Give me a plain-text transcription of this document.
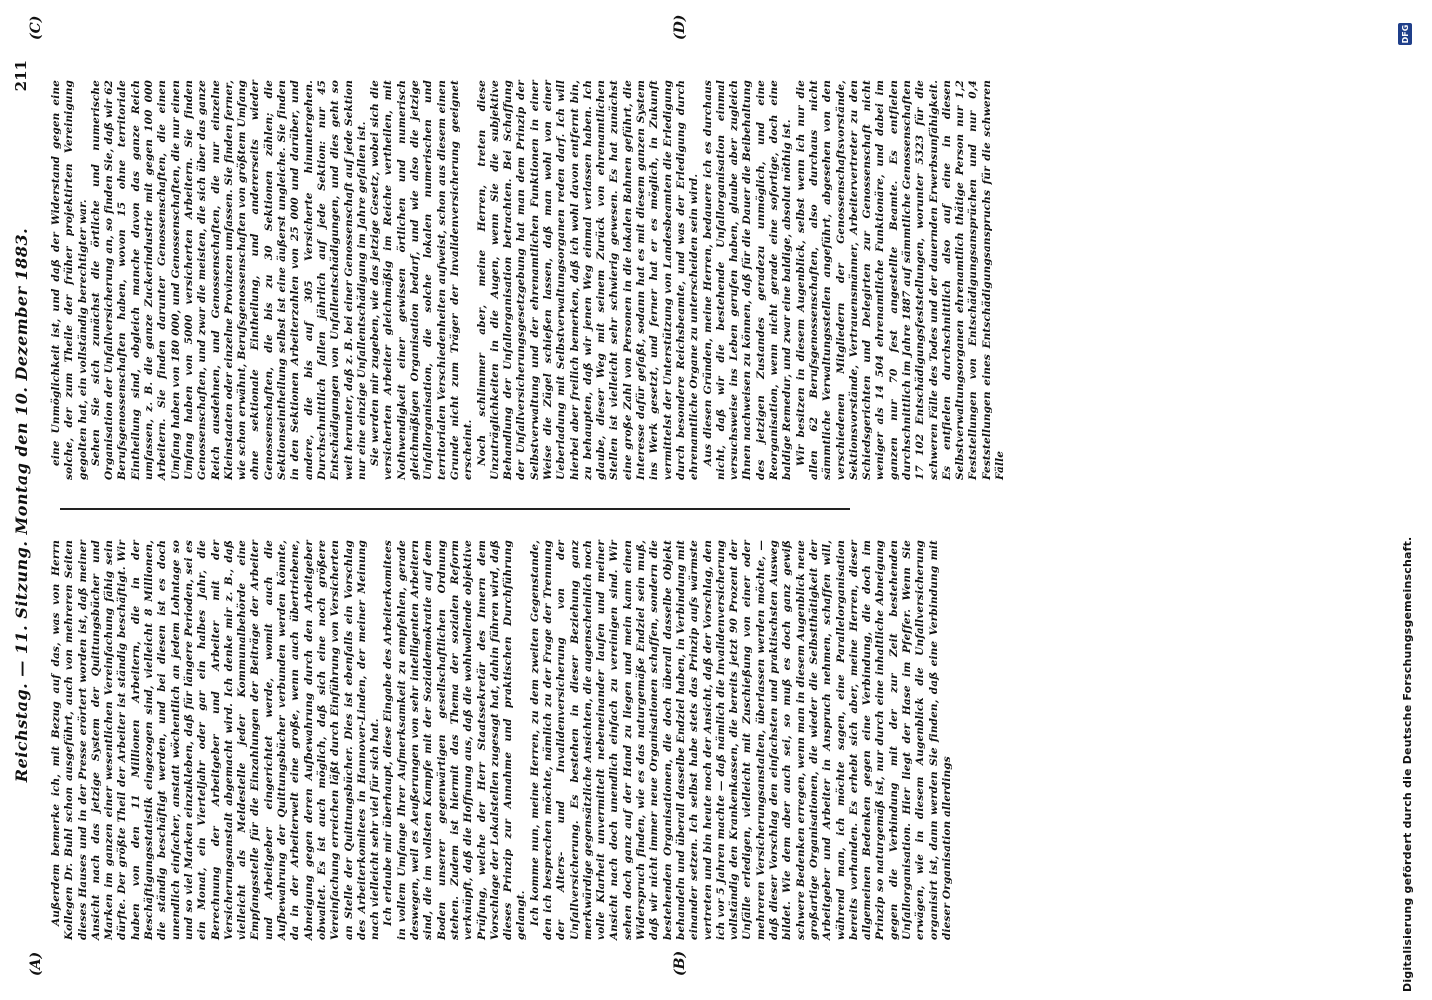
Reichstag. — 11. Sitzung. Montag den 10. Dezember 1883.
211
(A)	(B)
(C)	(D)

Außerdem bemerke ich, mit Bezug auf das, was von Herrn Kollegen Dr. Buhl schon ausgeführt, auch von mehreren Seiten dieses Hauses und in der Presse erörtert worden ist, daß meiner Ansicht nach das jetzige System der Quittungsbücher und Marken im ganzen einer wesentlichen Vereinfachung fähig sein dürfte. Der größte Theil der Arbeiter ist ständig beschäftigt. Wir haben von den 11 Millionen Arbeitern, die in der Beschäftigungsstatistik eingezogen sind, vielleicht 8 Millionen, die ständig beschäftigt werden, und bei diesen ist es doch unendlich einfacher, anstatt wöchentlich an jedem Lohntage so und so viel Marken einzukleben, daß für längere Perioden, sei es ein Monat, ein Vierteljahr oder gar ein halbes Jahr, die Berechnung der Arbeitgeber und Arbeiter mit der Versicherungsanstalt abgemacht wird. Ich denke mir z. B., daß vielleicht als Meldestelle jeder Kommunalbehörde eine Empfangsstelle für die Einzahlungen der Beiträge der Arbeiter und Arbeitgeber eingerichtet werde, womit auch die Aufbewahrung der Quittungsbücher verbunden werden könnte, da in der Arbeiterwelt eine große, wenn auch übertriebene, Abneigung gegen deren Aufbewahrung durch den Arbeitgeber obwaltet. Es ist auch möglich, daß sich eine noch größere Vereinfachung erreichen läßt durch Einführung von Versicherten an Stelle der Quittungsbücher. Dies ist ebenfalls ein Vorschlag des Arbeiterkomitees in Hannover-Linden, der meiner Meinung nach vielleicht sehr viel für sich hat. Ich erlaube mir überhaupt, diese Eingabe des Arbeiterkomitees in vollem Umfange Ihrer Aufmerksamkeit zu empfehlen, gerade deswegen, weil es Aeußerungen von sehr intelligenten Arbeitern sind, die im vollsten Kampfe mit der Sozialdemokratie auf dem Boden unserer gegenwärtigen gesellschaftlichen Ordnung stehen. Zudem ist hiermit das Thema der sozialen Reform verknüpft, daß die Hoffnung aus, daß die wohlwollende objektive Prüfung, welche der Herr Staatssekretär des Innern dem Vorschlage der Lokalstellen zugesagt hat, dahin führen wird, daß dieses Prinzip zur Annahme und praktischen Durchführung gelangt. Ich komme nun, meine Herren, zu dem zweiten Gegenstande, den ich besprechen möchte, nämlich zu der Frage der Trennung der Alters- und Invalidenversicherung von der Unfallversicherung. Es bestehen in dieser Beziehung ganz merkwürdige gegensätzliche Ansichten, die augenscheinlich noch volle Klarheit unvermittelt nebeneinander laufen und meiner Ansicht nach doch unendlich einfach zu vereinigen sind. Wir sehen doch ganz auf der Hand zu liegen und mein kann einen Widerspruch finden, wie es das naturgemäße Endziel sein muß, daß wir nicht immer neue Organisationen schaffen, sondern die bestehenden Organisationen, die doch überall dasselbe Objekt behandeln und überall dasselbe Endziel haben, in Verbindung mit einander setzen. Ich selbst habe stets das Prinzip aufs wärmste vertreten und bin heute noch der Ansicht, daß der Vorschlag, den ich vor 5 Jahren machte — daß nämlich die Invalidenversicherung vollständig den Krankenkassen, die bereits jetzt 90 Prozent der Unfälle erledigen, vielleicht mit Zuschießung von einer oder mehreren Versicherungsanstalten, überlassen werden möchte, — daß dieser Vorschlag den einfachsten und praktischsten Ausweg bildet. Wie dem aber auch sei, so muß es doch ganz gewiß schwere Bedenken erregen, wenn man in diesem Augenblick neue großartige Organisationen, die wieder die Selbstthätigkeit der Arbeitgeber und Arbeiter in Anspruch nehmen, schaffen will, während man, ich möchte sagen, eine Parallelorganisation bereits vorhanden. Es erhebt sich aber, meine Herren, dieser allgemeinen Bedenken gegen eine Verbindung, die doch im Prinzip so naturgemäß ist, nur durch eine inhaltliche Abneigung gegen die Verbindung mit der zur Zeit bestehenden Unfallorganisation. Hier liegt der Hase im Pfeffer. Wenn Sie erwägen, wie in diesem Augenblick die Unfallversicherung organisirt ist, dann werden Sie finden, daß eine Verbindung mit dieser Organisation allerdings

eine Unmöglichkeit ist, und daß der Widerstand gegen eine solche, der zum Theile der früher projektirten Vereinigung gegolten hat, ein vollständig berechtigter war. Sehen Sie sich zunächst die örtliche und numerische Organisation der Unfallversicherung an, so finden Sie, daß wir 62 Berufsgenossenschaften haben, wovon 15 ohne territoriale Eintheilung sind, obgleich manche davon das ganze Reich umfassen, z. B. die ganze Zuckerindustrie mit gegen 100 000 Arbeitern. Sie finden darunter Genossenschaften, die einen Umfang haben von 180 000, und Genossenschaften, die nur einen Umfang haben von 5000 versicherten Arbeitern. Sie finden Genossenschaften, und zwar die meisten, die sich über das ganze Reich ausdehnen, und Genossenschaften, die nur einzelne Kleinstaaten oder einzelne Provinzen umfassen. Sie finden ferner, wie schon erwähnt, Berufsgenossenschaften von größtem Umfang ohne sektionale Eintheilung, und andererseits wieder Genossenschaften, die bis zu 30 Sektionen zählen; die Sektionseintheilung selbst ist eine äußerst ungleiche. Sie finden in den Sektionen Arbeiterzahlen von 25 000 und darüber, und andere, die bis auf 305 Versicherte hinuntergehen. Durchschnittlich fallen jährlich auf jede Sektion: nur 45 Entschädigungen von Unfallentschädigungen, und dies geht so weit herunter, daß z. B. bei einer Genossenschaft auf jede Sektion nur eine einzige Unfallentschädigung im Jahre gefallen ist. Sie werden mir zugeben, wie das jetzige Gesetz, wobei sich die versicherten Arbeiter gleichmäßig im Reiche vertheilen, mit Nothwendigkeit einer gewissen örtlichen und numerisch gleichmäßigen Organisation bedarf, und wie also die jetzige Unfallorganisation, die solche lokalen numerischen und territorialen Verschiedenheiten aufweist, schon aus diesem einen Grunde nicht zum Träger der Invalidenversicherung geeignet erscheint. Noch schlimmer aber, meine Herren, treten diese Unzuträglichkeiten in die Augen, wenn Sie die subjektive Behandlung der Unfallorganisation betrachten. Bei Schaffung der Unfallversicherungsgesetzgebung hat man dem Prinzip der Selbstverwaltung und der ehrenamtlichen Funktionen in einer Weise die Zügel schießen lassen, daß man wohl von einer Ueberladung mit Selbstverwaltungsorganen reden darf. Ich will hierbei aber freilich bemerken, daß ich wohl davon entfernt bin, zu behaupten, daß wir jenen Weg einmal verlassen haben. Ich glaube, dieser Weg mit seinem Zurück von ehrenamtlichen Stellen ist vielleicht sehr schwierig gewesen. Es hat zunächst eine große Zahl von Personen in die lokalen Bahnen geführt, die Interesse dafür gefaßt, sodann hat es mit diesem ganzen System ins Werk gesetzt, und ferner hat er es möglich, in Zukunft vermittelst der Unterstützung von Landesbeamten die Erledigung durch besondere Reichsbeamte, und was der Erledigung durch ehrenamtliche Organe zu unterscheiden sein wird. Aus diesen Gründen, meine Herren, bedauere ich es durchaus nicht, daß wir die bestehende Unfallorganisation einmal versuchsweise ins Leben gerufen haben, glaube aber zugleich Ihnen nachweisen zu können, daß für die Dauer die Beibehaltung des jetzigen Zustandes geradezu unmöglich, und eine Reorganisation, wenn nicht gerade eine sofortige, doch eine baldige Remedur, und zwar eine baldige, absolut nöthig ist. Wir besitzen in diesem Augenblick, selbst wenn ich nur die allen 62 Berufsgenossenschaften, also durchaus nicht sämmtliche Verwaltungsstellen angeführt, abgesehen von den verschiedenen Mitgliedern der Genossenschaftsvorstände, Sektionsvorstände, Vertrauensmänner, Arbeitervertreter zu den Schiedsgerichten und Delegirten zur Genossenschaft nicht weniger als 14 504 ehrenamtliche Funktionäre, und dabei im ganzen nur 70 fest angestellte Beamte. Es entfielen durchschnittlich im Jahre 1887 auf sämmtliche Genossenschaften 17 102 Entschädigungsfeststellungen, worunter 5323 für die schweren Fälle des Todes und der dauernden Erwerbsunfähigkeit. Es entfielen durchschnittlich also auf eine in diesen Selbstverwaltungsorganen ehrenamtlich thätige Person nur 1,2 Feststellungen von Entschädigungsansprüchen und nur 0,4 Feststellungen eines Entschädigungsanspruchs für die schweren Fälle

Digitalisierung gefördert durch die Deutsche Forschungsgemeinschaft.
DFG
